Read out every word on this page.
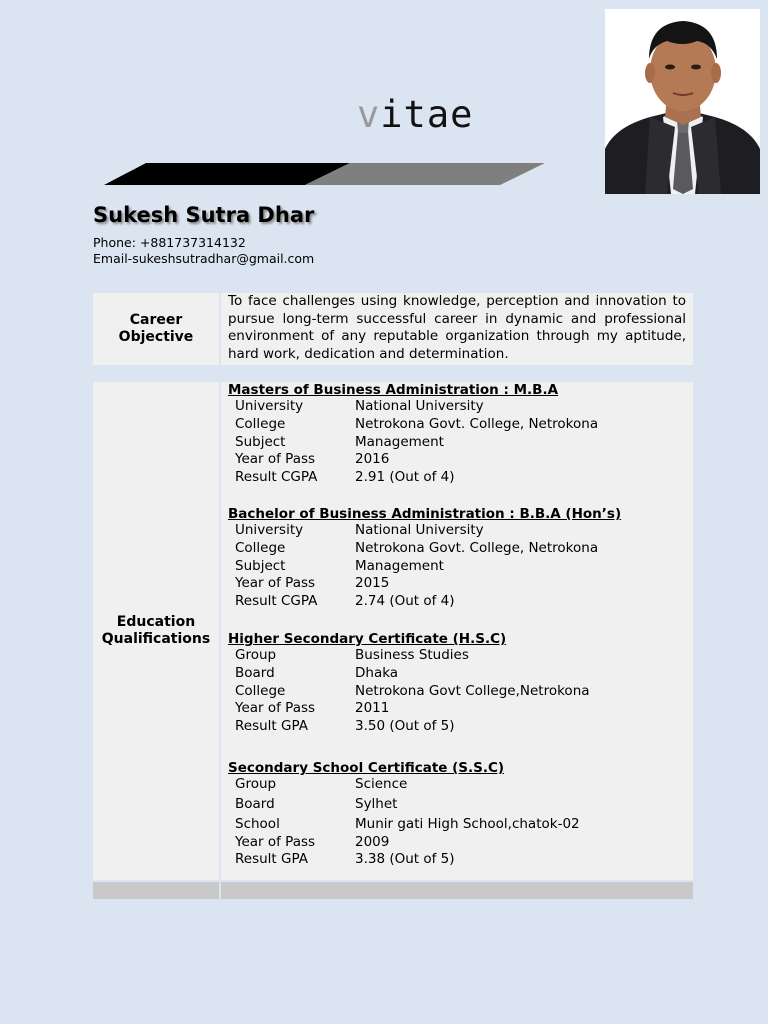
vitae
Sukesh Sutra Dhar
Phone: +881737314132
Email-sukeshsutradhar@gmail.com
Career
Objective

To face challenges using knowledge, perception and innovation to pursue long-term successful career in dynamic and professional environment of any reputable organization through my aptitude, hard work, dedication and determination.

Education
Qualifications
Masters of Business Administration : M.B.A
University	National University
College	Netrokona Govt. College, Netrokona
Subject	Management
Year of Pass	2016
Result CGPA	2.91 (Out of 4)
Bachelor of Business Administration : B.B.A (Hon’s)
University	National University
College	Netrokona Govt. College, Netrokona
Subject	Management
Year of Pass	2015
Result CGPA	2.74 (Out of 4)
Higher Secondary Certificate (H.S.C)
Group	Business Studies
Board	Dhaka
College	Netrokona Govt College,Netrokona
Year of Pass	2011
Result GPA	3.50 (Out of 5)
Secondary School Certificate (S.S.C)
Group	Science
Board	Sylhet
School	Munir gati High School,chatok-02
Year of Pass	2009
Result GPA	3.38 (Out of 5)
